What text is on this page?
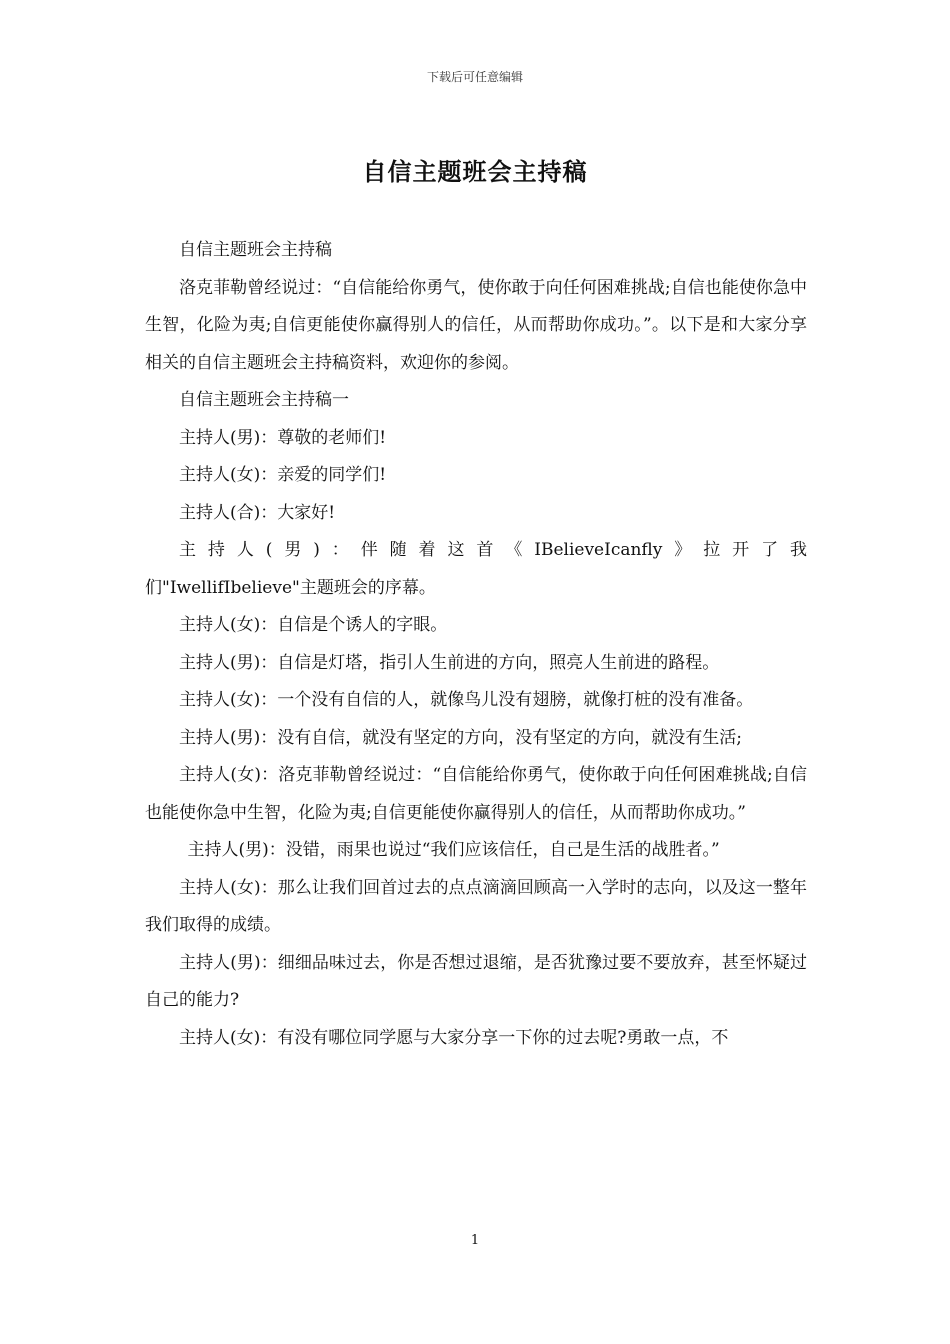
下载后可任意编辑
自信主题班会主持稿

自信主题班会主持稿

洛克菲勒曾经说过：“自信能给你勇气，使你敢于向任何困难挑战;自信也能使你急中生智，化险为夷;自信更能使你赢得别人的信任，从而帮助你成功。”。以下是和大家分享相关的自信主题班会主持稿资料，欢迎你的参阅。

自信主题班会主持稿一

主持人(男)：尊敬的老师们!

主持人(女)：亲爱的同学们!

主持人(合)：大家好!

主持人(男)：伴随着这首《IBelieveIcanfly》拉开了我

们"IwellifIbelieve"主题班会的序幕。

主持人(女)：自信是个诱人的字眼。

主持人(男)：自信是灯塔，指引人生前进的方向，照亮人生前进的路程。

主持人(女)：一个没有自信的人，就像鸟儿没有翅膀，就像打桩的没有准备。

主持人(男)：没有自信，就没有坚定的方向，没有坚定的方向，就没有生活;

主持人(女)：洛克菲勒曾经说过：“自信能给你勇气，使你敢于向任何困难挑战;自信也能使你急中生智，化险为夷;自信更能使你赢得别人的信任，从而帮助你成功。”

主持人(男)：没错，雨果也说过“我们应该信任，自己是生活的战胜者。”

主持人(女)：那么让我们回首过去的点点滴滴回顾高一入学时的志向，以及这一整年我们取得的成绩。

主持人(男)：细细品味过去，你是否想过退缩，是否犹豫过要不要放弃，甚至怀疑过自己的能力?

主持人(女)：有没有哪位同学愿与大家分享一下你的过去呢?勇敢一点，不

1
